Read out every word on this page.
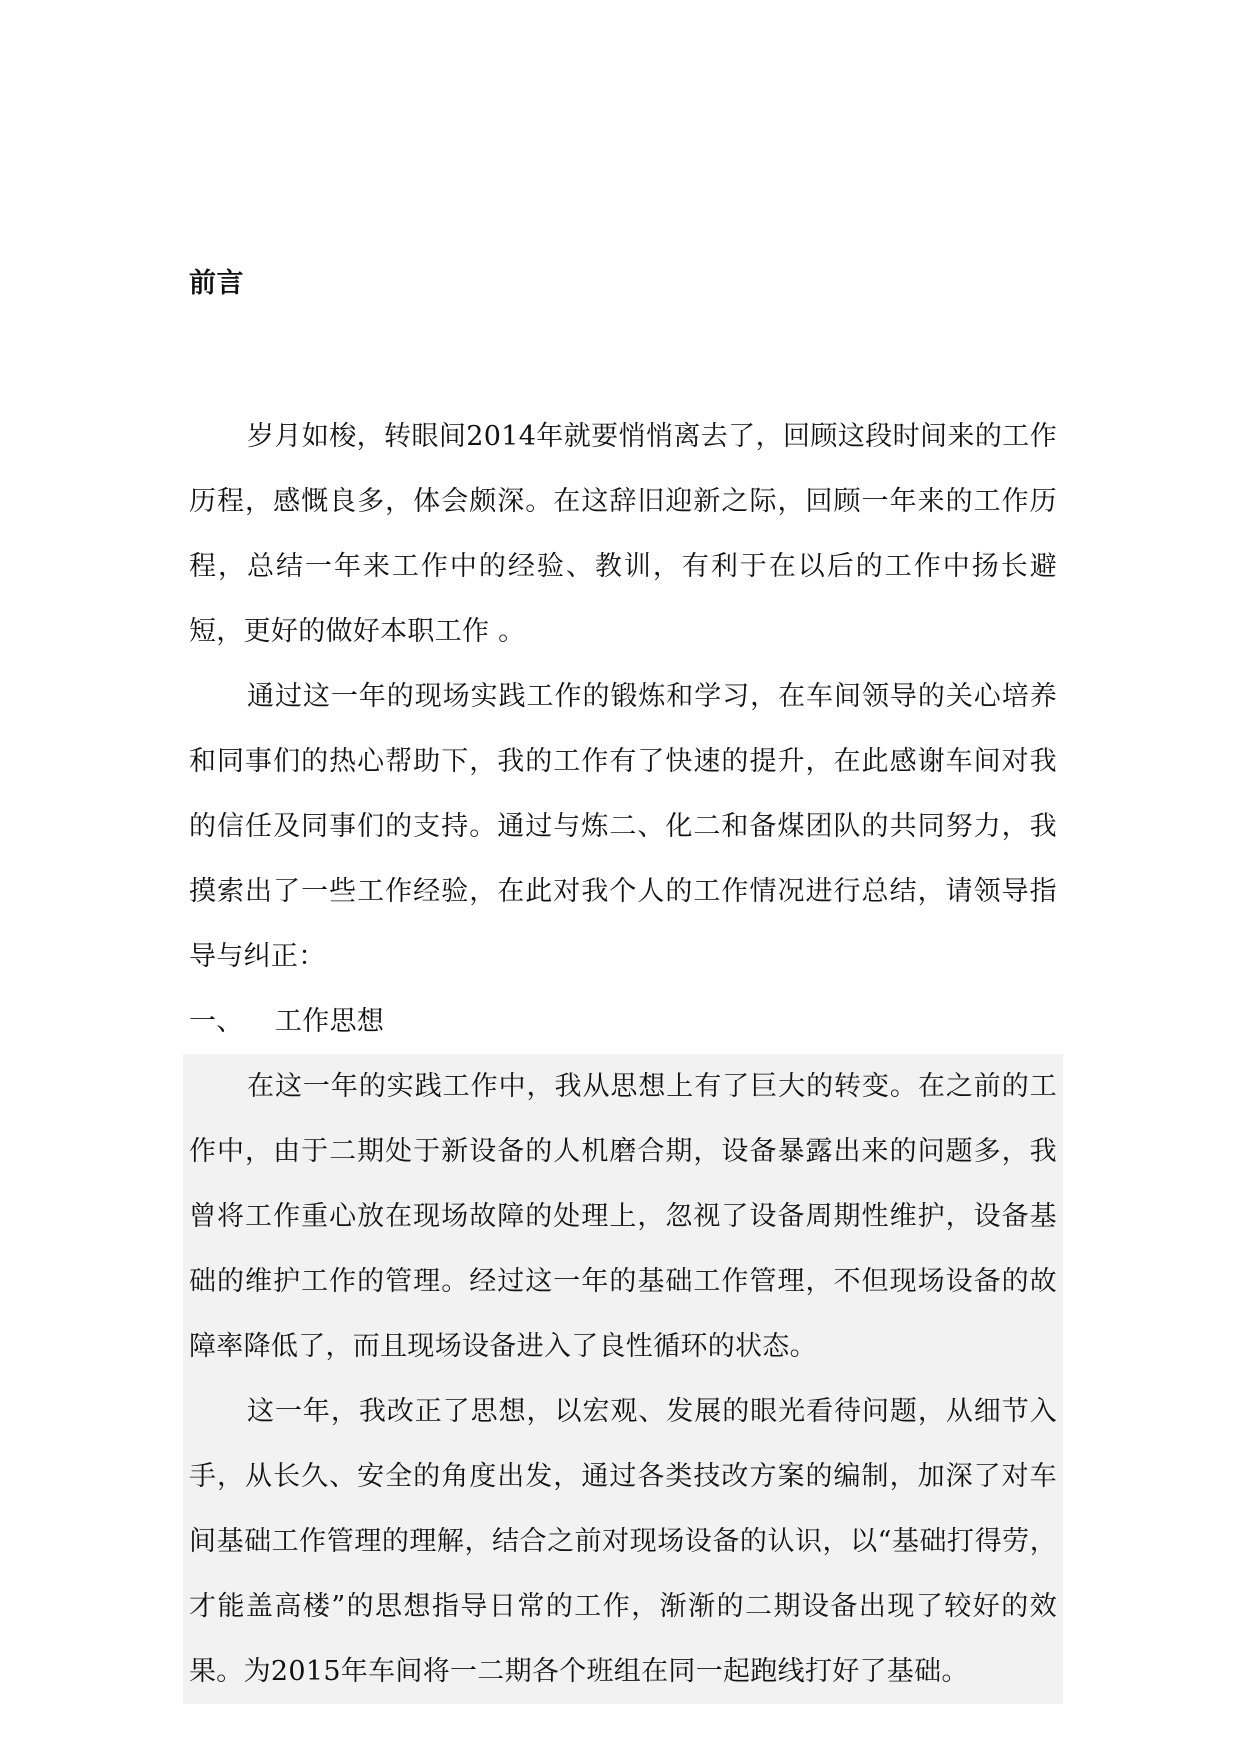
前言

岁月如梭，转眼间2014年就要悄悄离去了，回顾这段时间来的工作历程，感慨良多，体会颇深。在这辞旧迎新之际，回顾一年来的工作历程，总结一年来工作中的经验、教训，有利于在以后的工作中扬长避短，更好的做好本职工作 。

通过这一年的现场实践工作的锻炼和学习，在车间领导的关心培养和同事们的热心帮助下，我的工作有了快速的提升，在此感谢车间对我的信任及同事们的支持。通过与炼二、化二和备煤团队的共同努力，我摸索出了一些工作经验，在此对我个人的工作情况进行总结，请领导指导与纠正：

一、 工作思想

在这一年的实践工作中，我从思想上有了巨大的转变。在之前的工作中，由于二期处于新设备的人机磨合期，设备暴露出来的问题多，我曾将工作重心放在现场故障的处理上，忽视了设备周期性维护，设备基础的维护工作的管理。经过这一年的基础工作管理，不但现场设备的故障率降低了，而且现场设备进入了良性循环的状态。

这一年，我改正了思想，以宏观、发展的眼光看待问题，从细节入手，从长久、安全的角度出发，通过各类技改方案的编制，加深了对车间基础工作管理的理解，结合之前对现场设备的认识，以“基础打得劳，才能盖高楼”的思想指导日常的工作，渐渐的二期设备出现了较好的效果。为2015年车间将一二期各个班组在同一起跑线打好了基础。
